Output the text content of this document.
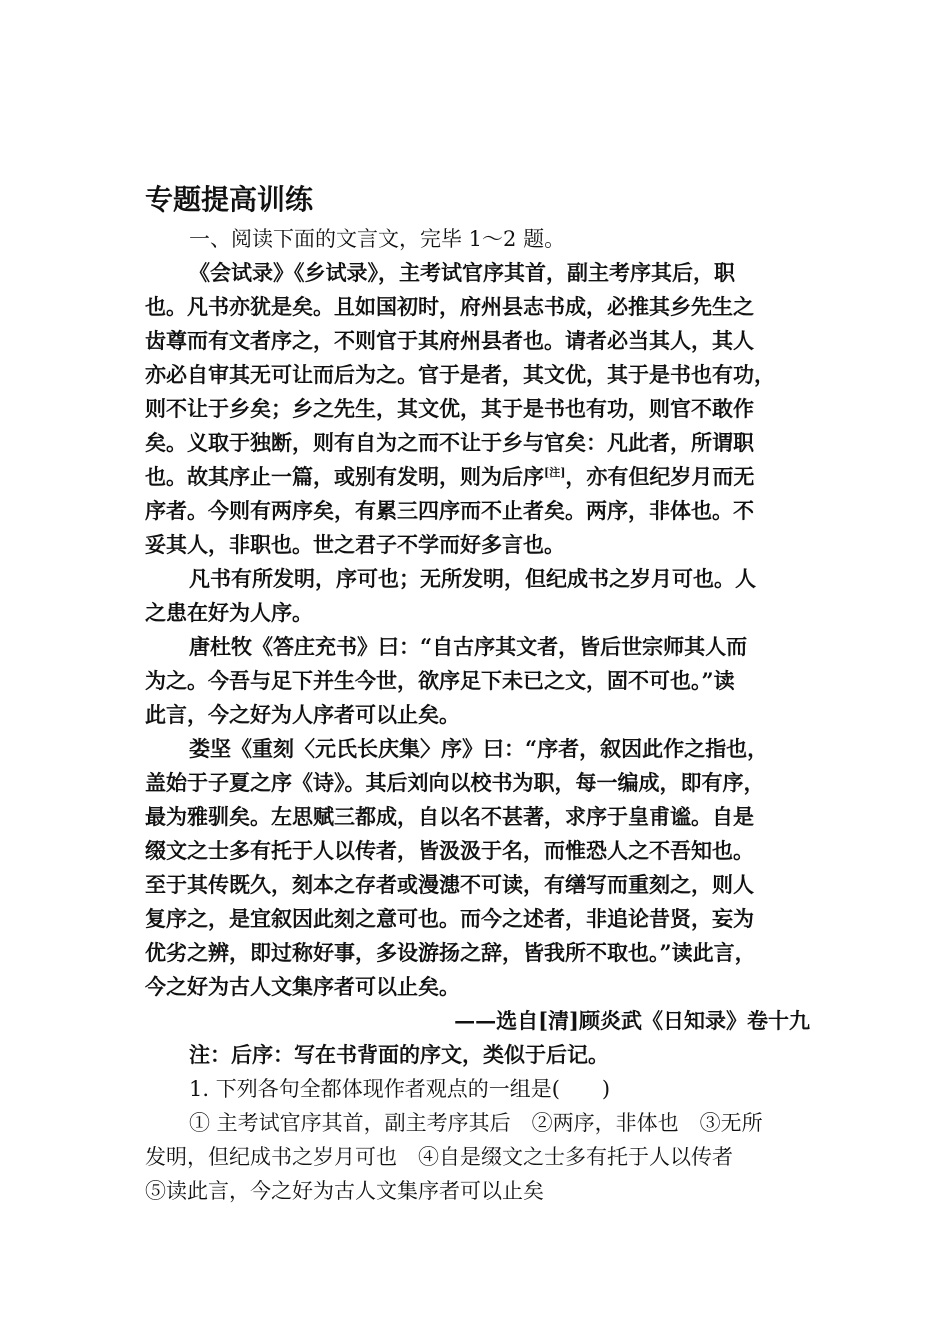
专题提高训练

一、阅读下面的文言文，完毕 1～2 题。

《会试录》《乡试录》，主考试官序其首，副主考序其后，职

也。凡书亦犹是矣。且如国初时，府州县志书成，必推其乡先生之

齿尊而有文者序之，不则官于其府州县者也。请者必当其人，其人

亦必自审其无可让而后为之。官于是者，其文优，其于是书也有功，

则不让于乡矣；乡之先生，其文优，其于是书也有功，则官不敢作

矣。义取于独断，则有自为之而不让于乡与官矣：凡此者，所谓职

也。故其序止一篇，或别有发明，则为后序[注]，亦有但纪岁月而无

序者。今则有两序矣，有累三四序而不止者矣。两序，非体也。不

妥其人，非职也。世之君子不学而好多言也。

凡书有所发明，序可也；无所发明，但纪成书之岁月可也。人

之患在好为人序。

唐杜牧《答庄充书》曰：“自古序其文者，皆后世宗师其人而

为之。今吾与足下并生今世，欲序足下未已之文，固不可也。”读

此言，今之好为人序者可以止矣。

娄坚《重刻〈元氏长庆集〉序》曰：“序者，叙因此作之指也，

盖始于子夏之序《诗》。其后刘向以校书为职，每一编成，即有序，

最为雅驯矣。左思赋三都成，自以名不甚著，求序于皇甫谧。自是

缀文之士多有托于人以传者，皆汲汲于名，而惟恐人之不吾知也。

至于其传既久，刻本之存者或漫漶不可读，有缮写而重刻之，则人

复序之，是宜叙因此刻之意可也。而今之述者，非追论昔贤，妄为

优劣之辨，即过称好事，多设游扬之辞，皆我所不取也。”读此言，

今之好为古人文集序者可以止矣。

——选自[清]顾炎武《日知录》卷十九

注：后序：写在书背面的序文，类似于后记。

1. 下列各句全都体现作者观点的一组是(　　)

① 主考试官序其首，副主考序其后　②两序，非体也　③无所

发明，但纪成书之岁月可也　④自是缀文之士多有托于人以传者

⑤读此言，今之好为古人文集序者可以止矣
